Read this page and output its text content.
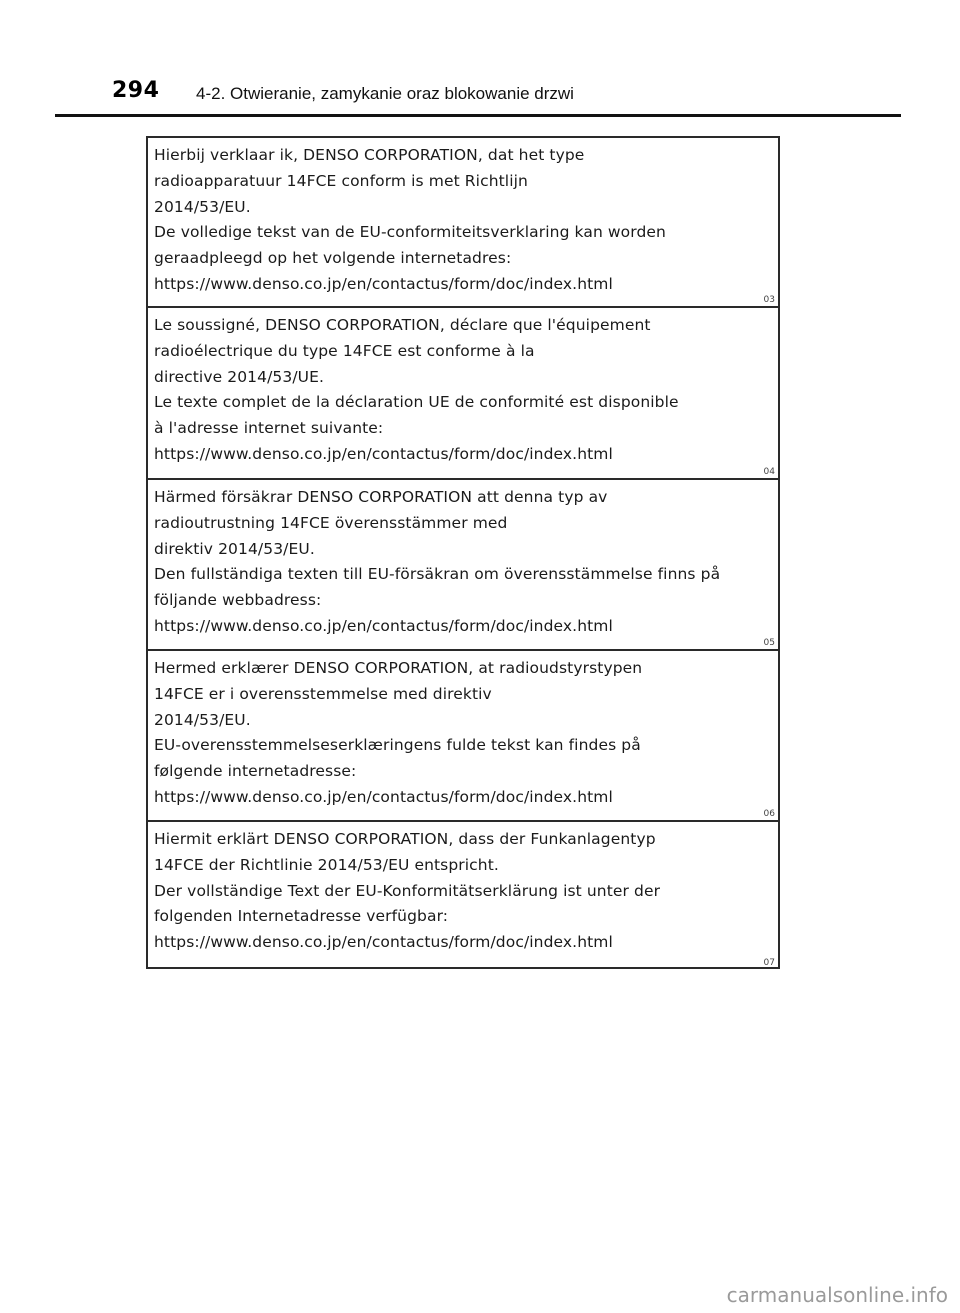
294 4-2. Otwieranie, zamykanie oraz blokowanie drzwi
Hierbij verklaar ik, DENSO CORPORATION, dat het type
radioapparatuur 14FCE conform is met Richtlijn
2014/53/EU.
De volledige tekst van de EU-conformiteitsverklaring kan worden
geraadpleegd op het volgende internetadres:
https://www.denso.co.jp/en/contactus/form/doc/index.html
03
Le soussigné, DENSO CORPORATION, déclare que l'équipement
radioélectrique du type 14FCE est conforme à la
directive 2014/53/UE.
Le texte complet de la déclaration UE de conformité est disponible
à l'adresse internet suivante:
https://www.denso.co.jp/en/contactus/form/doc/index.html
04
Härmed försäkrar DENSO CORPORATION att denna typ av
radioutrustning 14FCE överensstämmer med
direktiv 2014/53/EU.
Den fullständiga texten till EU-försäkran om överensstämmelse finns på
följande webbadress:
https://www.denso.co.jp/en/contactus/form/doc/index.html
05
Hermed erklærer DENSO CORPORATION, at radioudstyrstypen
14FCE er i overensstemmelse med direktiv
2014/53/EU.
EU-overensstemmelseserklæringens fulde tekst kan findes på
følgende internetadresse:
https://www.denso.co.jp/en/contactus/form/doc/index.html
06
Hiermit erklärt DENSO CORPORATION, dass der Funkanlagentyp
14FCE der Richtlinie 2014/53/EU entspricht.
Der vollständige Text der EU-Konformitätserklärung ist unter der
folgenden Internetadresse verfügbar:
https://www.denso.co.jp/en/contactus/form/doc/index.html
07
carmanualsonline.info
